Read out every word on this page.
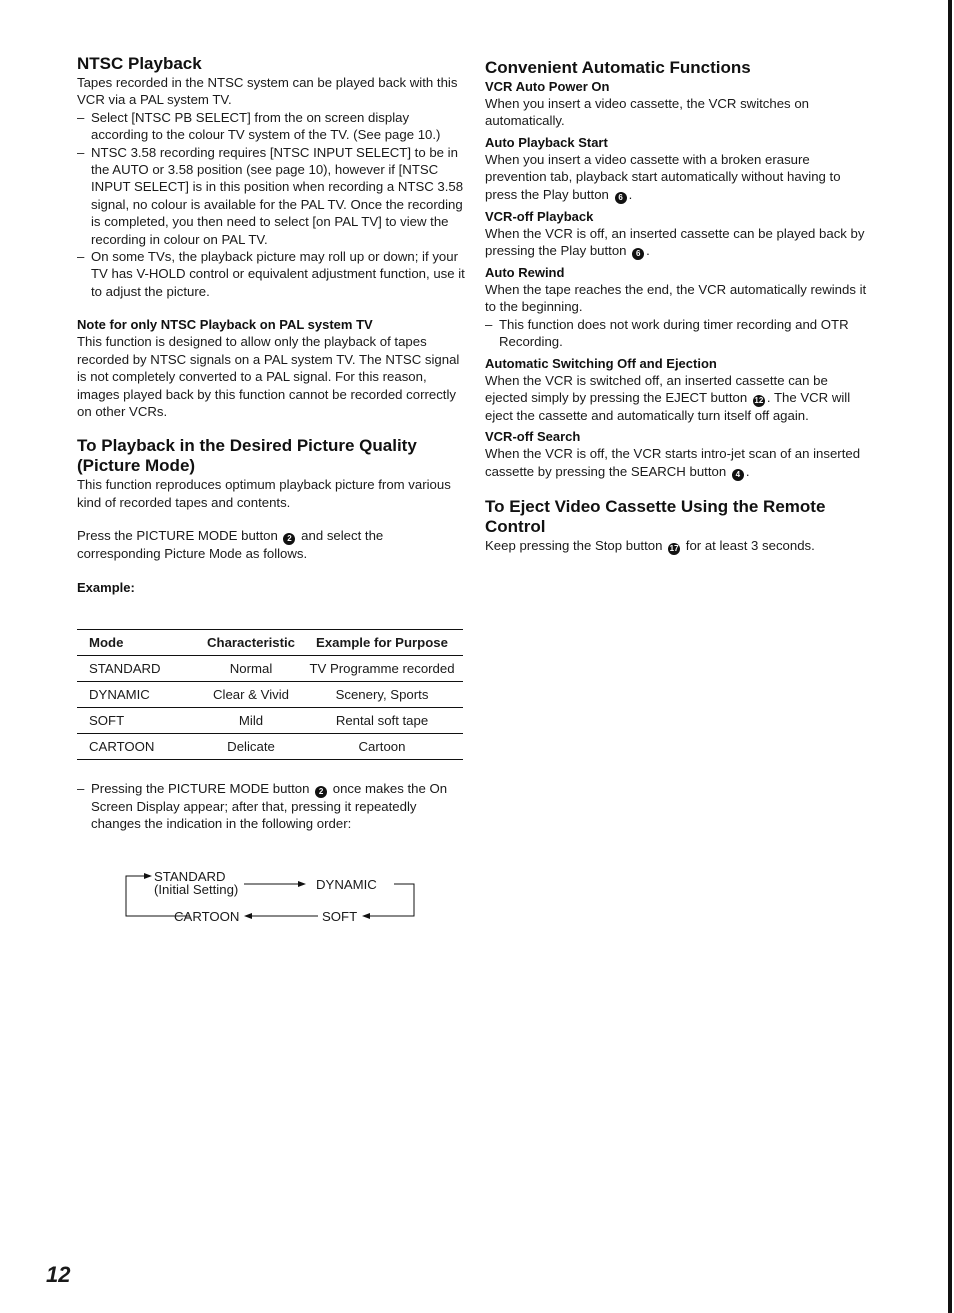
NTSC Playback

Tapes recorded in the NTSC system can be played back with this VCR via a PAL system TV.

– Select [NTSC PB SELECT] from the on screen display according to the colour TV system of the TV. (See page 10.)

– NTSC 3.58 recording requires [NTSC INPUT SELECT] to be in the AUTO or 3.58 position (see page 10), however if [NTSC INPUT SELECT] is in this position when recording a NTSC 3.58 signal, no colour is available for the PAL TV. Once the recording is completed, you then need to select [on PAL TV] to view the recording in colour on PAL TV.

– On some TVs, the playback picture may roll up or down; if your TV has V-HOLD control or equivalent adjustment function, use it to adjust the picture.

Note for only NTSC Playback on PAL system TV

This function is designed to allow only the playback of tapes recorded by NTSC signals on a PAL system TV. The NTSC signal is not completely converted to a PAL signal. For this reason, images played back by this function cannot be recorded correctly on other VCRs.

To Playback in the Desired Picture Quality (Picture Mode)

This function reproduces optimum playback picture from various kind of recorded tapes and contents.

Press the PICTURE MODE button 2 and select the corresponding Picture Mode as follows.

Example:
Mode	Characteristic	Example for Purpose
STANDARD	Normal	TV Programme recorded
DYNAMIC	Clear & Vivid	Scenery, Sports
SOFT	Mild	Rental soft tape
CARTOON	Delicate	Cartoon

– Pressing the PICTURE MODE button 2 once makes the On Screen Display appear; after that, pressing it repeatedly changes the indication in the following order:

STANDARD
(Initial Setting)	DYNAMIC
SOFT
CARTOON
Convenient Automatic Functions
VCR Auto Power On

When you insert a video cassette, the VCR switches on automatically.

Auto Playback Start

When you insert a video cassette with a broken erasure prevention tab, playback start automatically without having to press the Play button 6 .

VCR-off Playback

When the VCR is off, an inserted cassette can be played back by pressing the Play button 6 .

Auto Rewind

When the tape reaches the end, the VCR automatically rewinds it to the beginning.

– This function does not work during timer recording and OTR Recording.

Automatic Switching Off and Ejection

When the VCR is switched off, an inserted cassette can be ejected simply by pressing the EJECT button 12 . The VCR will eject the cassette and automatically turn itself off again.

VCR-off Search

When the VCR is off, the VCR starts intro-jet scan of an inserted cassette by pressing the SEARCH button 4 .

To Eject Video Cassette Using the Remote Control

Keep pressing the Stop button 17 for at least 3 seconds.

12
